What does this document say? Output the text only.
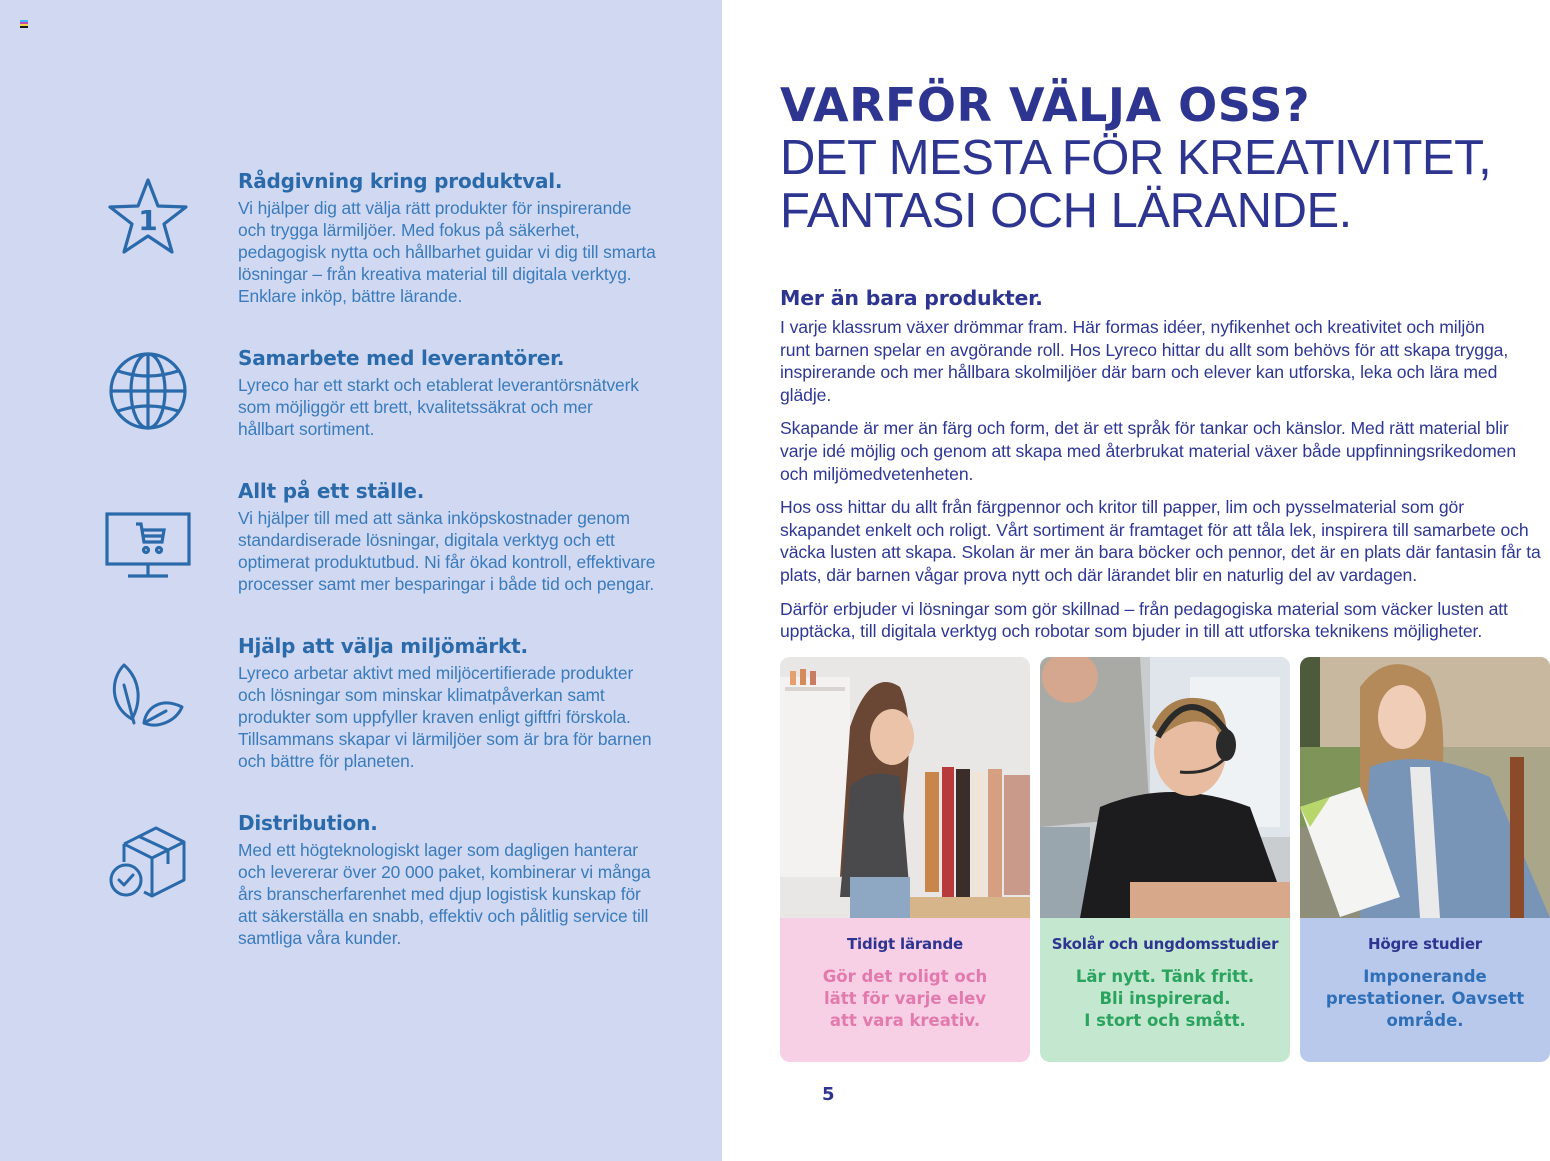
1
Rådgivning kring produktval.

Vi hjälper dig att välja rätt produkter för inspirerande
och trygga lärmiljöer. Med fokus på säkerhet,
pedagogisk nytta och hållbarhet guidar vi dig till smarta
lösningar – från kreativa material till digitala verktyg.
Enklare inköp, bättre lärande.

Samarbete med leverantörer.

Lyreco har ett starkt och etablerat leverantörsnätverk
som möjliggör ett brett, kvalitetssäkrat och mer
hållbart sortiment.

Allt på ett ställe.

Vi hjälper till med att sänka inköpskostnader genom
standardiserade lösningar, digitala verktyg och ett
optimerat produktutbud. Ni får ökad kontroll, effektivare
processer samt mer besparingar i både tid och pengar.

Hjälp att välja miljömärkt.

Lyreco arbetar aktivt med miljöcertifierade produkter
och lösningar som minskar klimatpåverkan samt
produkter som uppfyller kraven enligt giftfri förskola.
Tillsammans skapar vi lärmiljöer som är bra för barnen
och bättre för planeten.

Distribution.

Med ett högteknologiskt lager som dagligen hanterar
och levererar över 20 000 paket, kombinerar vi många
års branscherfarenhet med djup logistisk kunskap för
att säkerställa en snabb, effektiv och pålitlig service till
samtliga våra kunder.

VARFÖR VÄLJA OSS?
DET MESTA FÖR KREATIVITET,
FANTASI OCH LÄRANDE.
Mer än bara produkter.

I varje klassrum växer drömmar fram. Här formas idéer, nyfikenhet och kreativitet och miljön
runt barnen spelar en avgörande roll. Hos Lyreco hittar du allt som behövs för att skapa trygga,
inspirerande och mer hållbara skolmiljöer där barn och elever kan utforska, leka och lära med
glädje.

Skapande är mer än färg och form, det är ett språk för tankar och känslor. Med rätt material blir
varje idé möjlig och genom att skapa med återbrukat material växer både uppfinningsrikedomen
och miljömedvetenheten.

Hos oss hittar du allt från färgpennor och kritor till papper, lim och pysselmaterial som gör
skapandet enkelt och roligt. Vårt sortiment är framtaget för att tåla lek, inspirera till samarbete och
väcka lusten att skapa. Skolan är mer än bara böcker och pennor, det är en plats där fantasin får ta
plats, där barnen vågar prova nytt och där lärandet blir en naturlig del av vardagen.

Därför erbjuder vi lösningar som gör skillnad – från pedagogiska material som väcker lusten att
upptäcka, till digitala verktyg och robotar som bjuder in till att utforska teknikens möjligheter.

Tidigt lärande
Gör det roligt och
lätt för varje elev
att vara kreativ.
Skolår och ungdomsstudier
Lär nytt. Tänk fritt.
Bli inspirerad.
I stort och smått.
Högre studier
Imponerande
prestationer. Oavsett
område.
5
